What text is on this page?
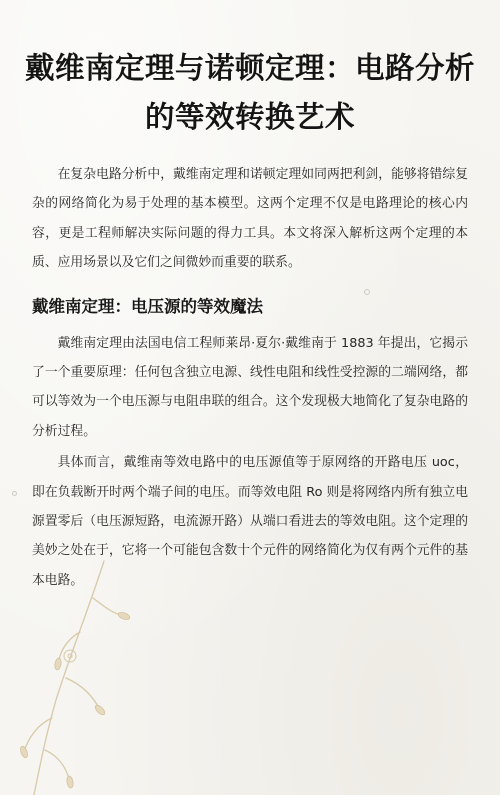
戴维南定理与诺顿定理：电路分析的等效转换艺术

在复杂电路分析中，戴维南定理和诺顿定理如同两把利剑，能够将错综复杂的网络简化为易于处理的基本模型。这两个定理不仅是电路理论的核心内容，更是工程师解决实际问题的得力工具。本文将深入解析这两个定理的本质、应用场景以及它们之间微妙而重要的联系。

戴维南定理：电压源的等效魔法

戴维南定理由法国电信工程师莱昂·夏尔·戴维南于 1883 年提出，它揭示了一个重要原理：任何包含独立电源、线性电阻和线性受控源的二端网络，都可以等效为一个电压源与电阻串联的组合。这个发现极大地简化了复杂电路的分析过程。

具体而言，戴维南等效电路中的电压源值等于原网络的开路电压 uoc，即在负载断开时两个端子间的电压。而等效电阻 Ro 则是将网络内所有独立电源置零后（电压源短路，电流源开路）从端口看进去的等效电阻。这个定理的美妙之处在于，它将一个可能包含数十个元件的网络简化为仅有两个元件的基本电路。
